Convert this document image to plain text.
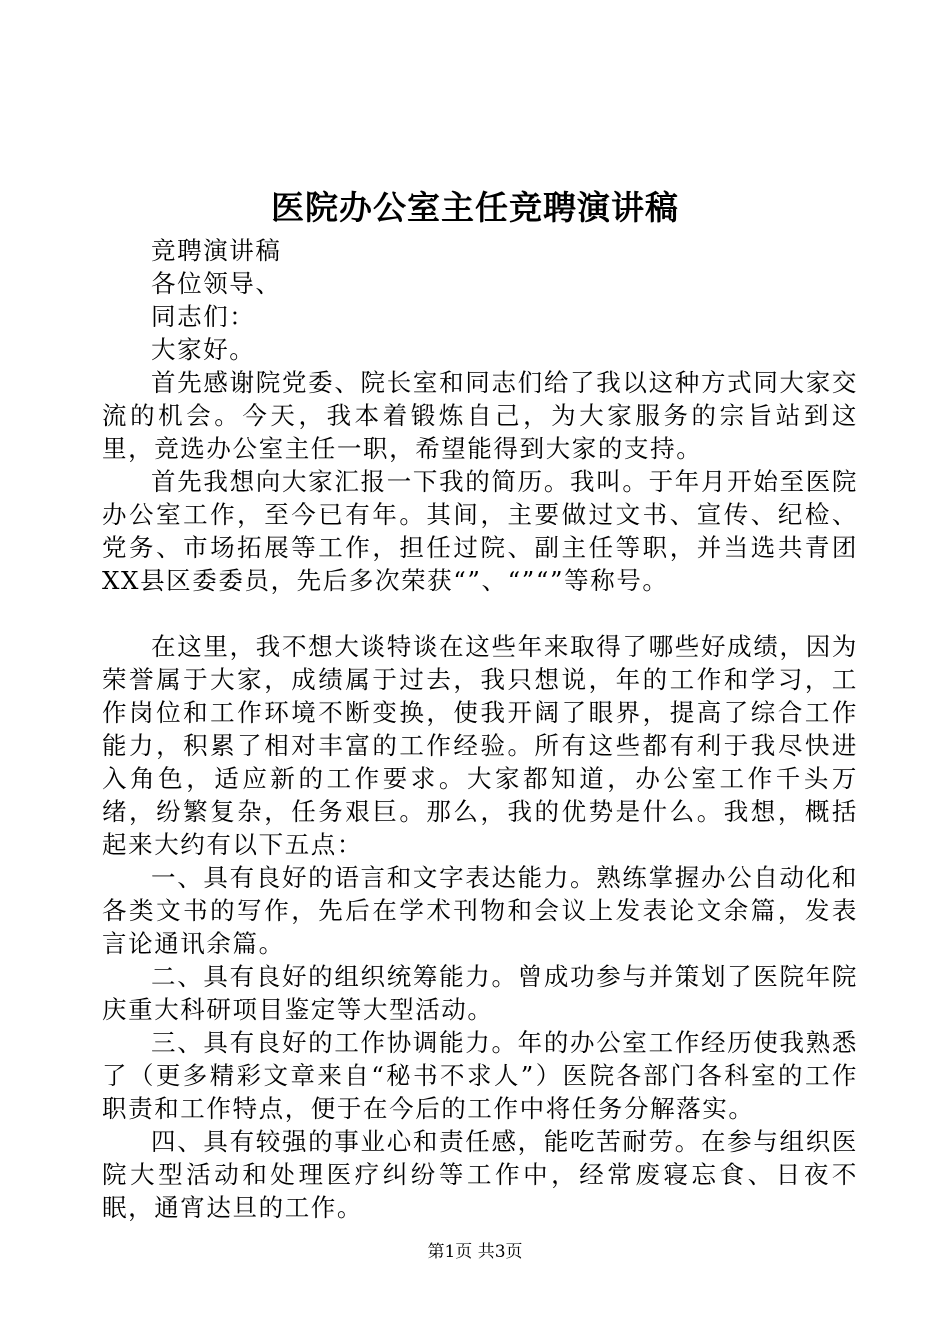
医院办公室主任竞聘演讲稿

竞聘演讲稿

各位领导、

同志们：

大家好。

首先感谢院党委、院长室和同志们给了我以这种方式同大家交流的机会。今天，我本着锻炼自己，为大家服务的宗旨站到这里，竞选办公室主任一职，希望能得到大家的支持。

首先我想向大家汇报一下我的简历。我叫。于年月开始至医院办公室工作，至今已有年。其间，主要做过文书、宣传、纪检、党务、市场拓展等工作，担任过院、副主任等职，并当选共青团XX县区委委员，先后多次荣获“”、“”“”等称号。

在这里，我不想大谈特谈在这些年来取得了哪些好成绩，因为荣誉属于大家，成绩属于过去，我只想说，年的工作和学习，工作岗位和工作环境不断变换，使我开阔了眼界，提高了综合工作能力，积累了相对丰富的工作经验。所有这些都有利于我尽快进入角色，适应新的工作要求。大家都知道，办公室工作千头万绪，纷繁复杂，任务艰巨。那么，我的优势是什么。我想，概括起来大约有以下五点：

一、具有良好的语言和文字表达能力。熟练掌握办公自动化和各类文书的写作，先后在学术刊物和会议上发表论文余篇，发表言论通讯余篇。

二、具有良好的组织统筹能力。曾成功参与并策划了医院年院庆重大科研项目鉴定等大型活动。

三、具有良好的工作协调能力。年的办公室工作经历使我熟悉了（更多精彩文章来自“秘书不求人”）医院各部门各科室的工作职责和工作特点，便于在今后的工作中将任务分解落实。

四、具有较强的事业心和责任感，能吃苦耐劳。在参与组织医院大型活动和处理医疗纠纷等工作中，经常废寝忘食、日夜不眠，通宵达旦的工作。

第1页 共3页
